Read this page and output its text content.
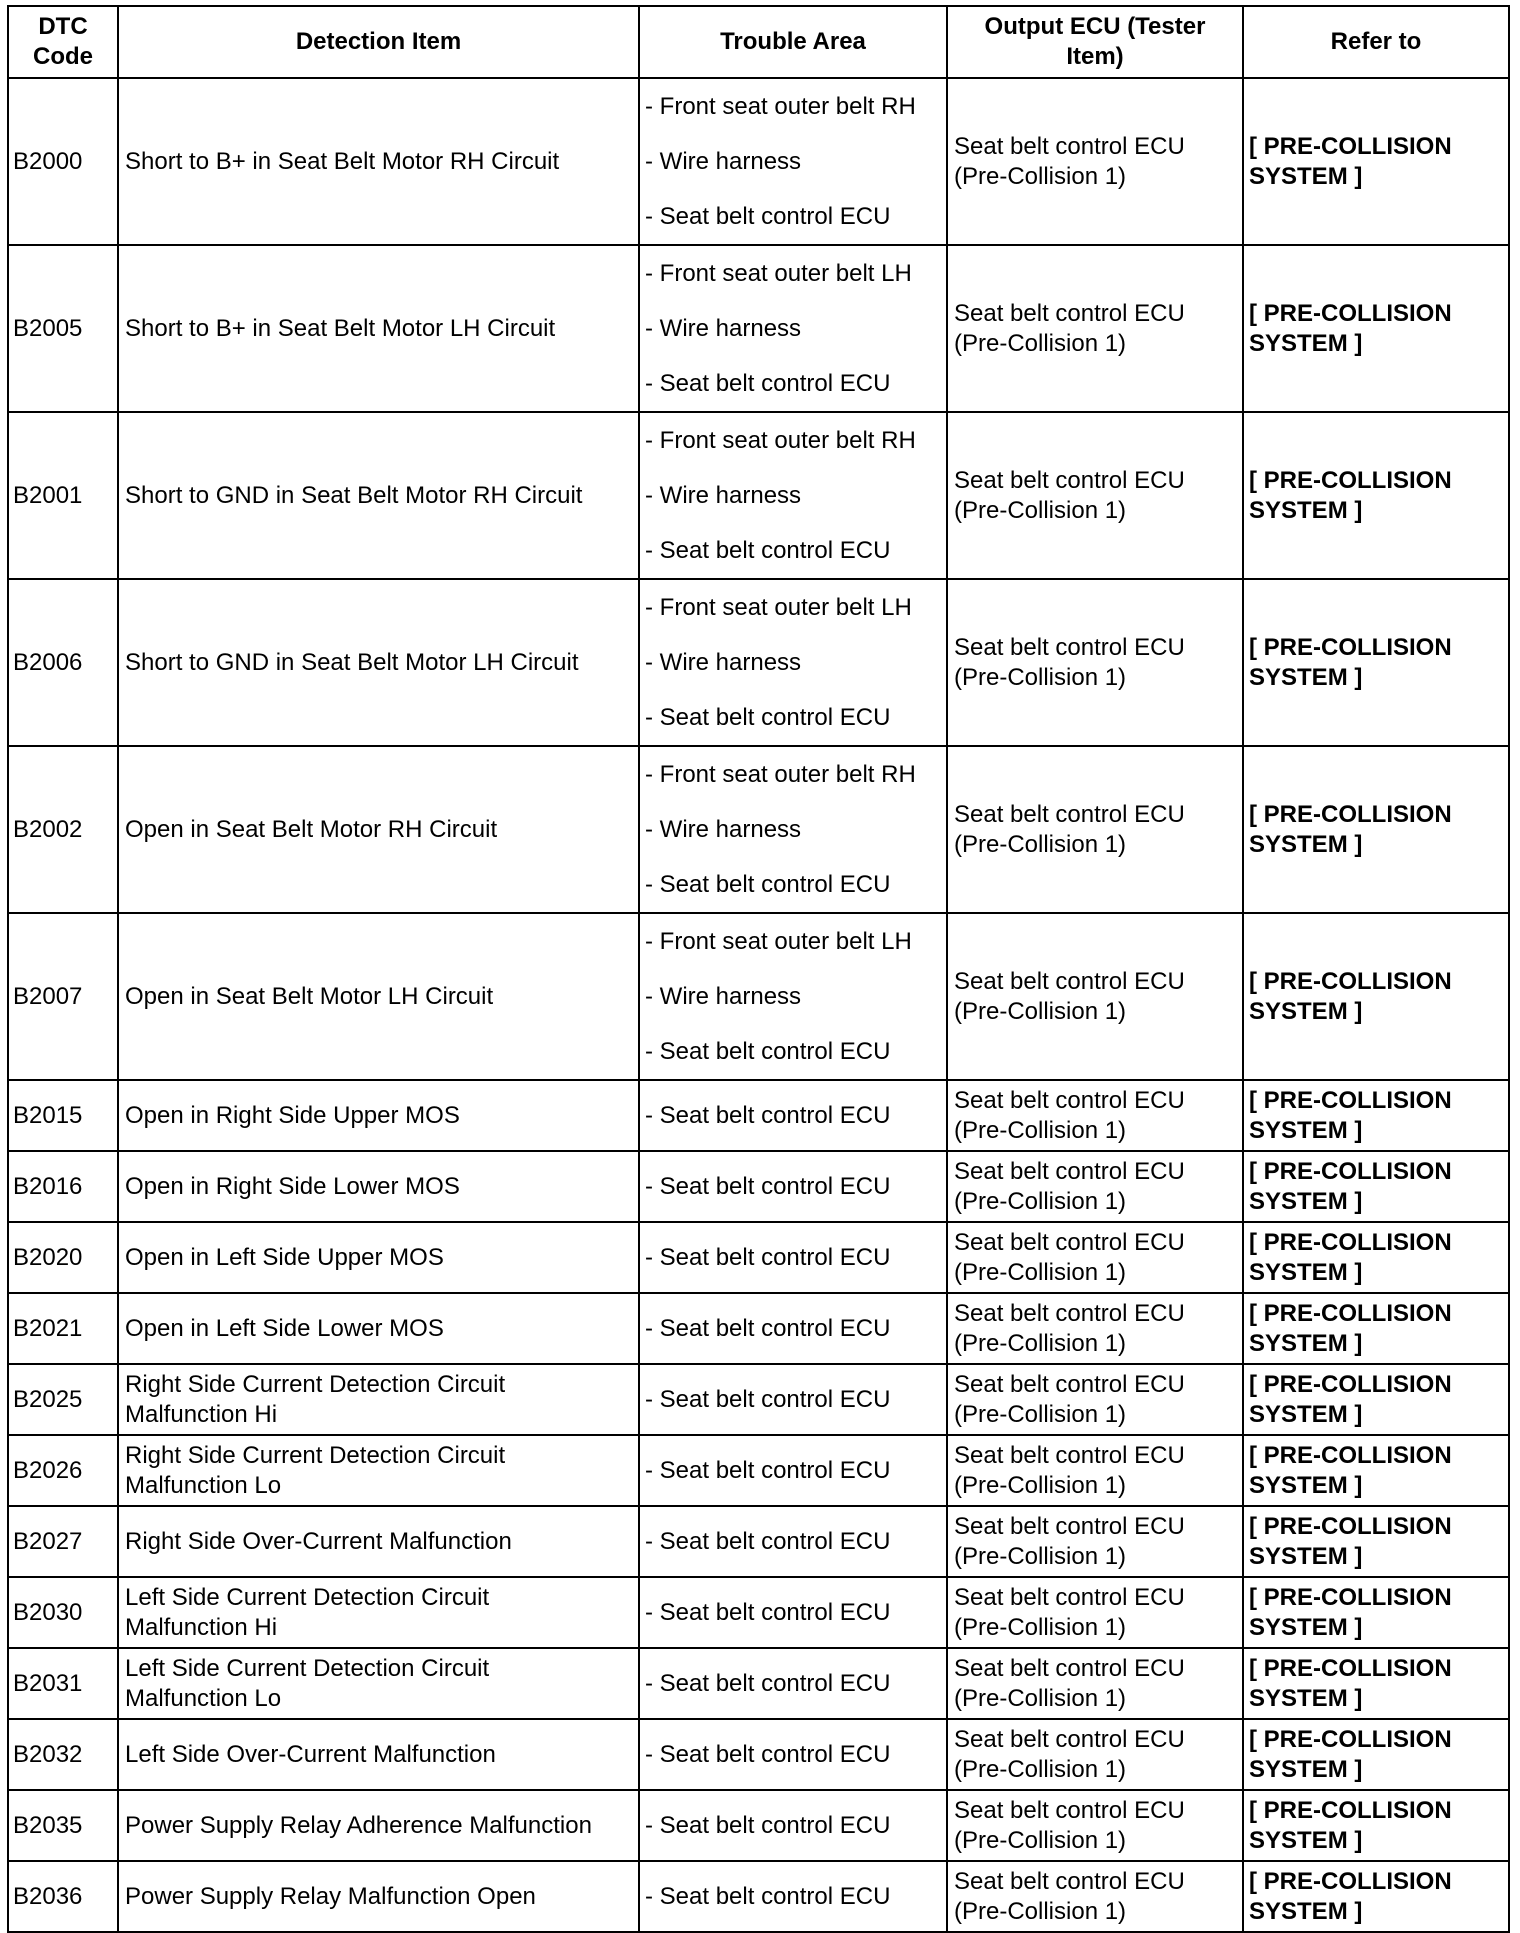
DTC
Code	Detection Item	Trouble Area	Output ECU (Tester
Item)	Refer to

B2000	Short to B+ in Seat Belt Motor RH Circuit	- Front seat outer belt RH
- Wire harness
- Seat belt control ECU	Seat belt control ECU
(Pre-Collision 1)	[ PRE-COLLISION
SYSTEM ]

B2005	Short to B+ in Seat Belt Motor LH Circuit	- Front seat outer belt LH
- Wire harness
- Seat belt control ECU	Seat belt control ECU
(Pre-Collision 1)	[ PRE-COLLISION
SYSTEM ]

B2001	Short to GND in Seat Belt Motor RH Circuit	- Front seat outer belt RH
- Wire harness
- Seat belt control ECU	Seat belt control ECU
(Pre-Collision 1)	[ PRE-COLLISION
SYSTEM ]

B2006	Short to GND in Seat Belt Motor LH Circuit	- Front seat outer belt LH
- Wire harness
- Seat belt control ECU	Seat belt control ECU
(Pre-Collision 1)	[ PRE-COLLISION
SYSTEM ]

B2002	Open in Seat Belt Motor RH Circuit	- Front seat outer belt RH
- Wire harness
- Seat belt control ECU	Seat belt control ECU
(Pre-Collision 1)	[ PRE-COLLISION
SYSTEM ]

B2007	Open in Seat Belt Motor LH Circuit	- Front seat outer belt LH
- Wire harness
- Seat belt control ECU	Seat belt control ECU
(Pre-Collision 1)	[ PRE-COLLISION
SYSTEM ]

B2015	Open in Right Side Upper MOS	- Seat belt control ECU	Seat belt control ECU
(Pre-Collision 1)	[ PRE-COLLISION
SYSTEM ]

B2016	Open in Right Side Lower MOS	- Seat belt control ECU	Seat belt control ECU
(Pre-Collision 1)	[ PRE-COLLISION
SYSTEM ]

B2020	Open in Left Side Upper MOS	- Seat belt control ECU	Seat belt control ECU
(Pre-Collision 1)	[ PRE-COLLISION
SYSTEM ]

B2021	Open in Left Side Lower MOS	- Seat belt control ECU	Seat belt control ECU
(Pre-Collision 1)	[ PRE-COLLISION
SYSTEM ]

B2025	Right Side Current Detection Circuit
Malfunction Hi	- Seat belt control ECU	Seat belt control ECU
(Pre-Collision 1)	[ PRE-COLLISION
SYSTEM ]

B2026	Right Side Current Detection Circuit
Malfunction Lo	- Seat belt control ECU	Seat belt control ECU
(Pre-Collision 1)	[ PRE-COLLISION
SYSTEM ]

B2027	Right Side Over-Current Malfunction	- Seat belt control ECU	Seat belt control ECU
(Pre-Collision 1)	[ PRE-COLLISION
SYSTEM ]

B2030	Left Side Current Detection Circuit
Malfunction Hi	- Seat belt control ECU	Seat belt control ECU
(Pre-Collision 1)	[ PRE-COLLISION
SYSTEM ]

B2031	Left Side Current Detection Circuit
Malfunction Lo	- Seat belt control ECU	Seat belt control ECU
(Pre-Collision 1)	[ PRE-COLLISION
SYSTEM ]

B2032	Left Side Over-Current Malfunction	- Seat belt control ECU	Seat belt control ECU
(Pre-Collision 1)	[ PRE-COLLISION
SYSTEM ]

B2035	Power Supply Relay Adherence Malfunction	- Seat belt control ECU	Seat belt control ECU
(Pre-Collision 1)	[ PRE-COLLISION
SYSTEM ]

B2036	Power Supply Relay Malfunction Open	- Seat belt control ECU	Seat belt control ECU
(Pre-Collision 1)	[ PRE-COLLISION
SYSTEM ]
